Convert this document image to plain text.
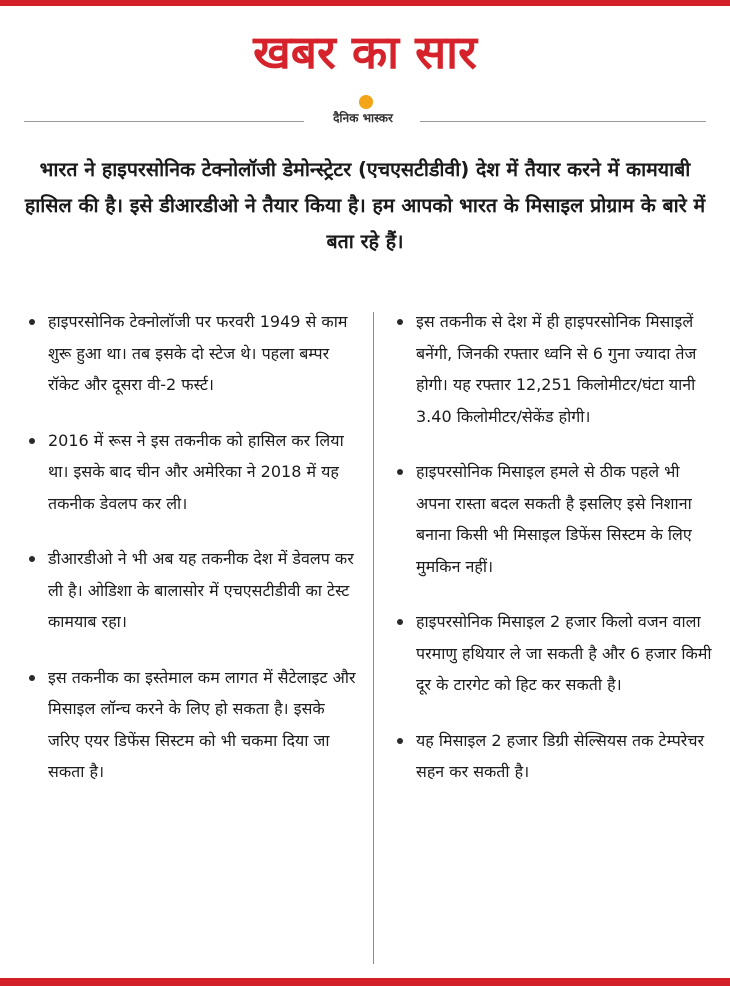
खबर का सार
दैनिक भास्कर
भारत ने हाइपरसोनिक टेक्नोलॉजी डेमोन्स्ट्रेटर (एचएसटीडीवी) देश में तैयार करने में कामयाबी हासिल की है। इसे डीआरडीओ ने तैयार किया है। हम आपको भारत के मिसाइल प्रोग्राम के बारे में बता रहे हैं।
हाइपरसोनिक टेक्नोलॉजी पर फरवरी 1949 से काम शुरू हुआ था। तब इसके दो स्टेज थे। पहला बम्पर रॉकेट और दूसरा वी-2 फर्स्ट।
2016 में रूस ने इस तकनीक को हासिल कर लिया था। इसके बाद चीन और अमेरिका ने 2018 में यह तकनीक डेवलप कर ली।
डीआरडीओ ने भी अब यह तकनीक देश में डेवलप कर ली है। ओडिशा के बालासोर में एचएसटीडीवी का टेस्ट कामयाब रहा।
इस तकनीक का इस्तेमाल कम लागत में सैटेलाइट और मिसाइल लॉन्च करने के लिए हो सकता है। इसके जरिए एयर डिफेंस सिस्टम को भी चकमा दिया जा सकता है।
इस तकनीक से देश में ही हाइपरसोनिक मिसाइलें बनेंगी, जिनकी रफ्तार ध्वनि से 6 गुना ज्यादा तेज होगी। यह रफ्तार 12,251 किलोमीटर/घंटा यानी 3.40 किलोमीटर/सेकेंड होगी।
हाइपरसोनिक मिसाइल हमले से ठीक पहले भी अपना रास्ता बदल सकती है इसलिए इसे निशाना बनाना किसी भी मिसाइल डिफेंस सिस्टम के लिए मुमकिन नहीं।
हाइपरसोनिक मिसाइल 2 हजार किलो वजन वाला परमाणु हथियार ले जा सकती है और 6 हजार किमी दूर के टारगेट को हिट कर सकती है।
यह मिसाइल 2 हजार डिग्री सेल्सियस तक टेम्परेचर सहन कर सकती है।
